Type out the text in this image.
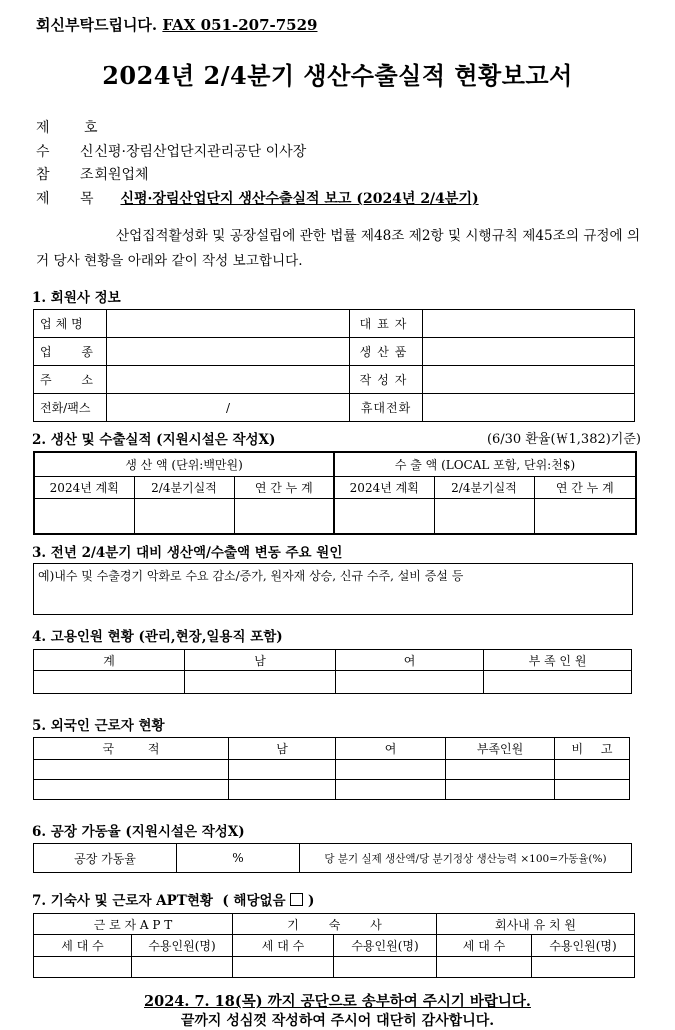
회신부탁드립니다. FAX 051-207-7529
2024년 2/4분기 생산수출실적 현황보고서
제 호
수 신 신평·장림산업단지관리공단 이사장
참 조 회원업체
제 목 신평·장림산업단지 생산수출실적 보고 (2024년 2/4분기)
산업집적활성화 및 공장설립에 관한 법률 제48조 제2항 및 시행규칙 제45조의 규정에 의거 당사 현황을 아래와 같이 작성 보고합니다.
1. 회원사 정보
업체명		대표자	
업 종		생산품	
주 소		작성자	
전화/팩스	/	휴대전화	
2. 생산 및 수출실적 (지원시설은 작성X)	(6/30 환율(￦1,382)기준)
생 산 액 (단위:백만원)			수 출 액 (LOCAL 포함, 단위:천$)		
2024년 계획	2/4분기실적	연 간 누 계	2024년 계획	2/4분기실적	연 간 누 계

3. 전년 2/4분기 대비 생산액/수출액 변동 주요 원인
예)내수 및 수출경기 악화로 수요 감소/증가, 원자재 상승, 신규 수주, 설비 증설 등
4. 고용인원 현황 (관리,현장,일용직 포함)
계	남	여	부 족 인 원

5. 외국인 근로자 현황
국 적	남	여	부족인원	비 고

6. 공장 가동율 (지원시설은 작성X)
공장 가동율	%	당 분기 실제 생산액/당 분기정상 생산능력 ×100=가동율(%)
7. 기숙사 및 근로자 APT현황 ( 해당없음 )
근 로 자 A P T		기 숙 사		회사내 유 치 원	
세 대 수	수용인원(명)	세 대 수	수용인원(명)	세 대 수	수용인원(명)

2024. 7. 18(목) 까지 공단으로 송부하여 주시기 바랍니다.
끝까지 성심껏 작성하여 주시어 대단히 감사합니다.
